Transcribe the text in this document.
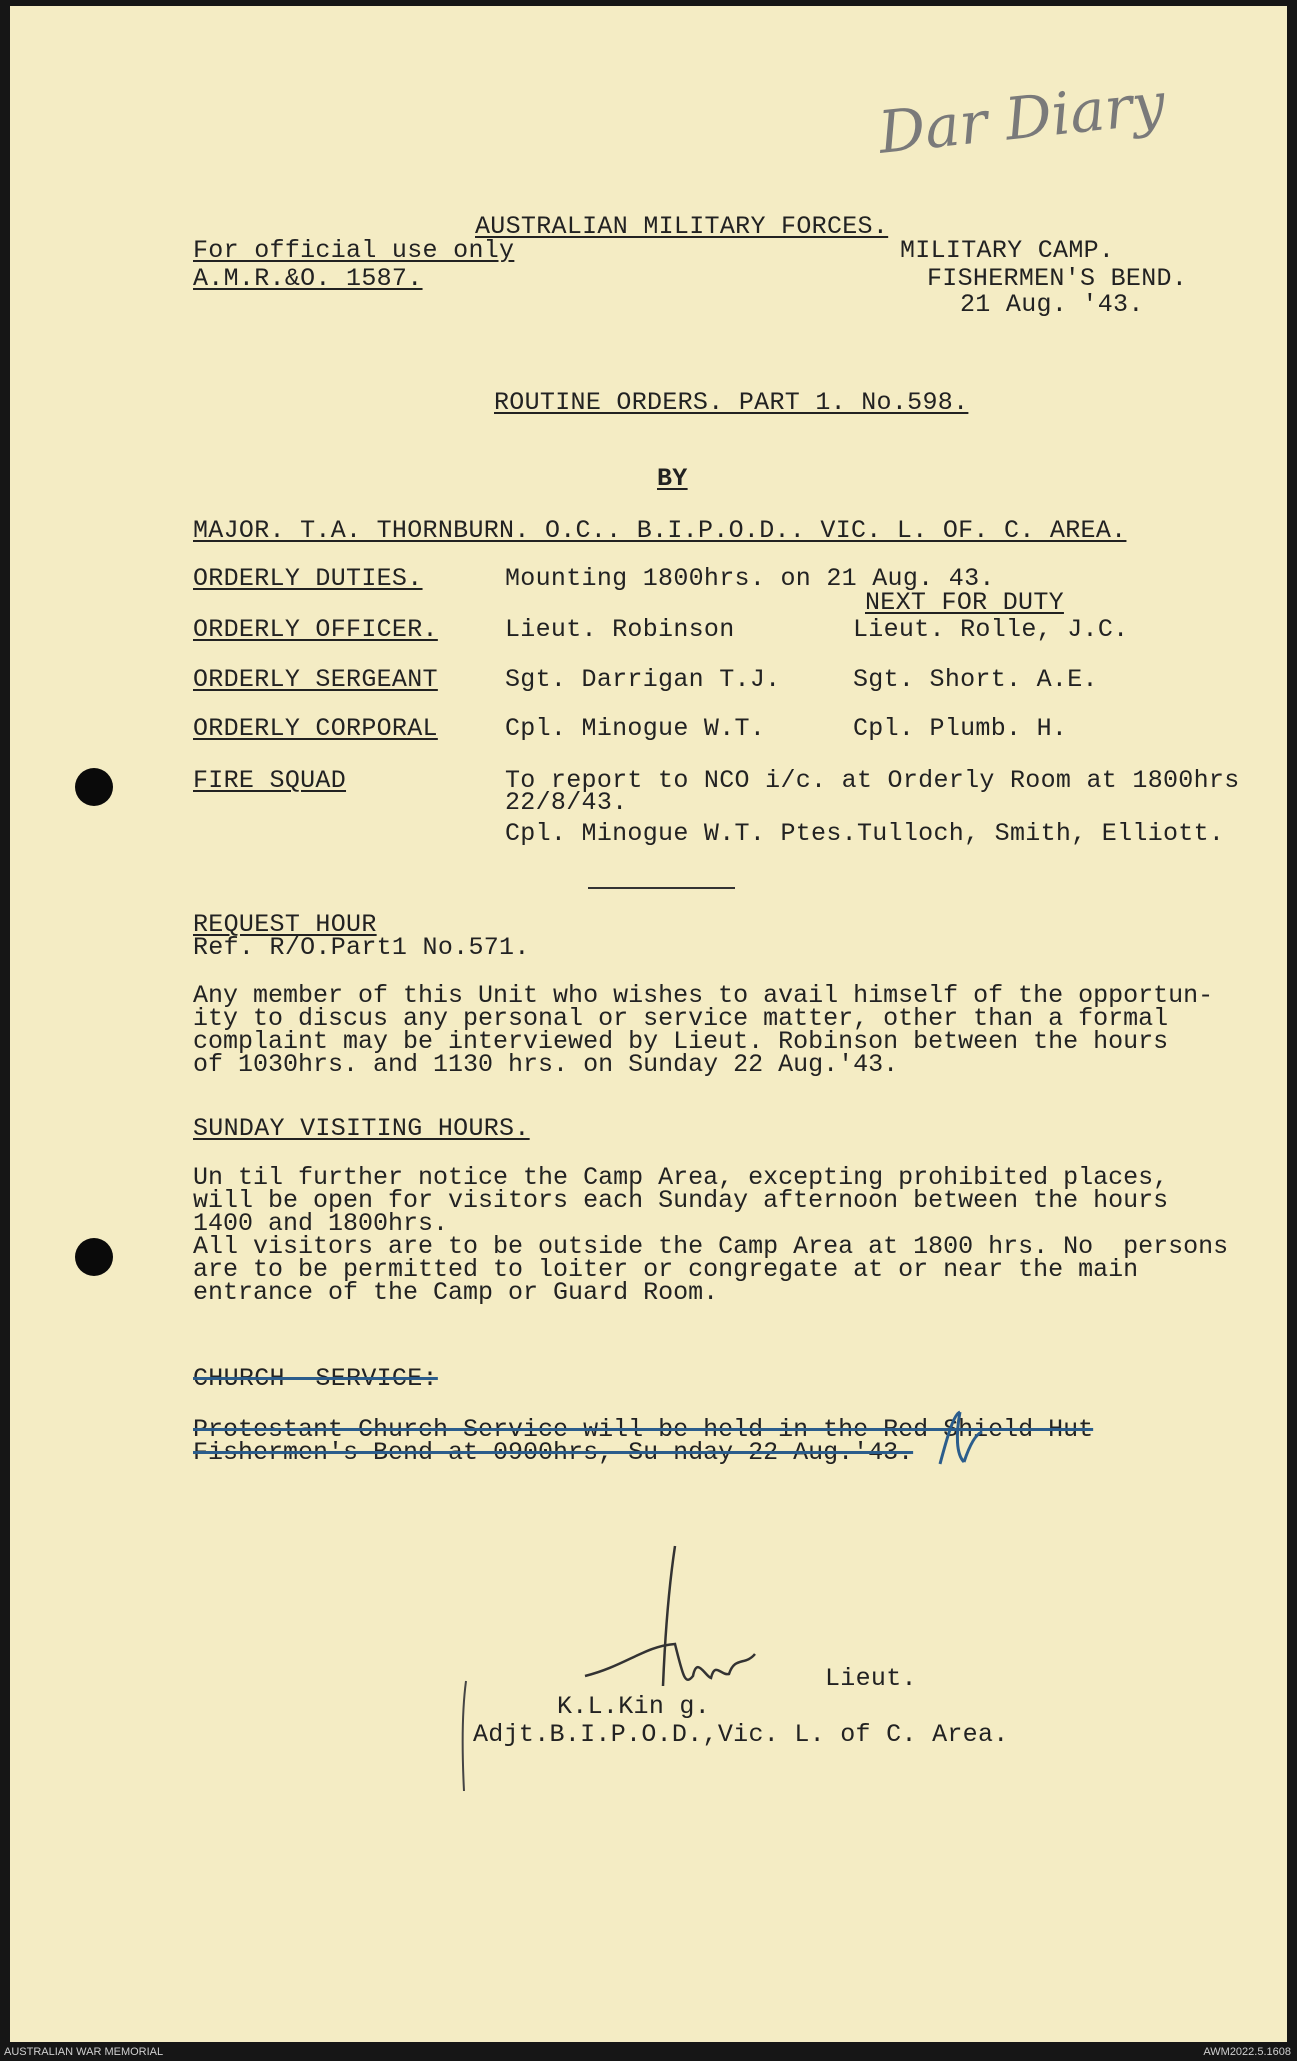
Dar Diary
AUSTRALIAN MILITARY FORCES.
For official use only
A.M.R.&O. 1587.
MILITARY CAMP.
FISHERMEN'S BEND.
21 Aug. '43.
ROUTINE ORDERS. PART 1. No.598.
BY
MAJOR. T.A. THORNBURN. O.C.. B.I.P.O.D.. VIC. L. OF. C. AREA.
NEXT FOR DUTY
ORDERLY DUTIES.	Mounting 1800hrs. on 21 Aug. 43.
ORDERLY OFFICER.	Lieut. Robinson	Lieut. Rolle, J.C.
ORDERLY SERGEANT	Sgt. Darrigan T.J.	Sgt. Short. A.E.
ORDERLY CORPORAL	Cpl. Minogue W.T.	Cpl. Plumb. H.
FIRE SQUAD	To report to NCO i/c. at Orderly Room at 1800hrs
22/8/43.
Cpl. Minogue W.T. Ptes.Tulloch, Smith, Elliott.
REQUEST HOUR
Ref. R/O.Part1 No.571.
Any member of this Unit who wishes to avail himself of the opportun-
ity to discus any personal or service matter, other than a formal
complaint may be interviewed by Lieut. Robinson between the hours
of 1030hrs. and 1130 hrs. on Sunday 22 Aug.'43.
SUNDAY VISITING HOURS.
Un til further notice the Camp Area, excepting prohibited places,
will be open for visitors each Sunday afternoon between the hours
1400 and 1800hrs.
All visitors are to be outside the Camp Area at 1800 hrs. No  persons
are to be permitted to loiter or congregate at or near the main
entrance of the Camp or Guard Room.
CHURCH  SERVICE:
Protestant Church Service will be held in the Red Shield Hut
Fishermen's Bend at 0900hrs, Su nday 22 Aug.'43.
Lieut.
K.L.Kin g.
Adjt.B.I.P.O.D.,Vic. L. of C. Area.
AUSTRALIAN WAR MEMORIAL	AWM2022.5.1608
